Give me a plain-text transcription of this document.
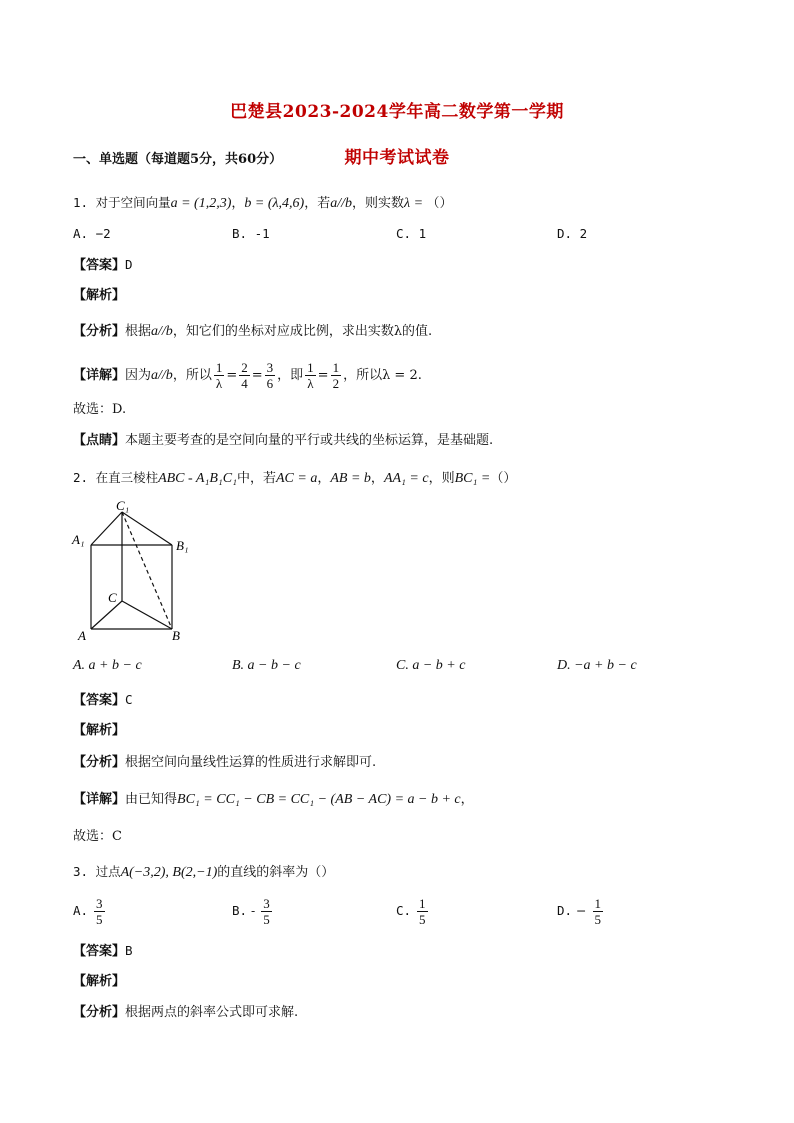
巴楚县2023-2024学年高二数学第一学期
期中考试试卷
一、单选题（每道题5分，共60分）
1. 对于空间向量a = (1,2,3)，b = (λ,4,6)，若a//b，则实数λ = （）
A. −2	B. -1	C. 1	D. 2
【答案】D
【解析】
【分析】根据a//b，知它们的坐标对应成比例，求出实数λ的值.
【详解】因为a//b，所以 $\frac{1}{\lambda} = \frac{2}{4} = \frac{3}{6}$ ，即 $\frac{1}{\lambda} = \frac{1}{2}$ ，所以λ = 2.
故选：D.
【点睛】本题主要考查的是空间向量的平行或共线的坐标运算，是基础题.
2. 在直三棱柱ABC - A₁B₁C₁中，若AC = a，AB = b，AA₁ = c，则BC₁ =（）
C₁
A₁	B₁
C
A	B
A. a + b − c	B. a − b − c	C. a − b + c	D. −a + b − c
【答案】C
【解析】
【分析】根据空间向量线性运算的性质进行求解即可.
【详解】由已知得BC₁ = CC₁ − CB = CC₁ − (AB − AC) = a − b + c，
故选：C
3. 过点A(−3,2), B(2,−1)的直线的斜率为（）
A. $\frac{3}{5}$	B. - $\frac{3}{5}$	C. $\frac{1}{5}$	D. − $\frac{1}{5}$
【答案】B
【解析】
【分析】根据两点的斜率公式即可求解.
